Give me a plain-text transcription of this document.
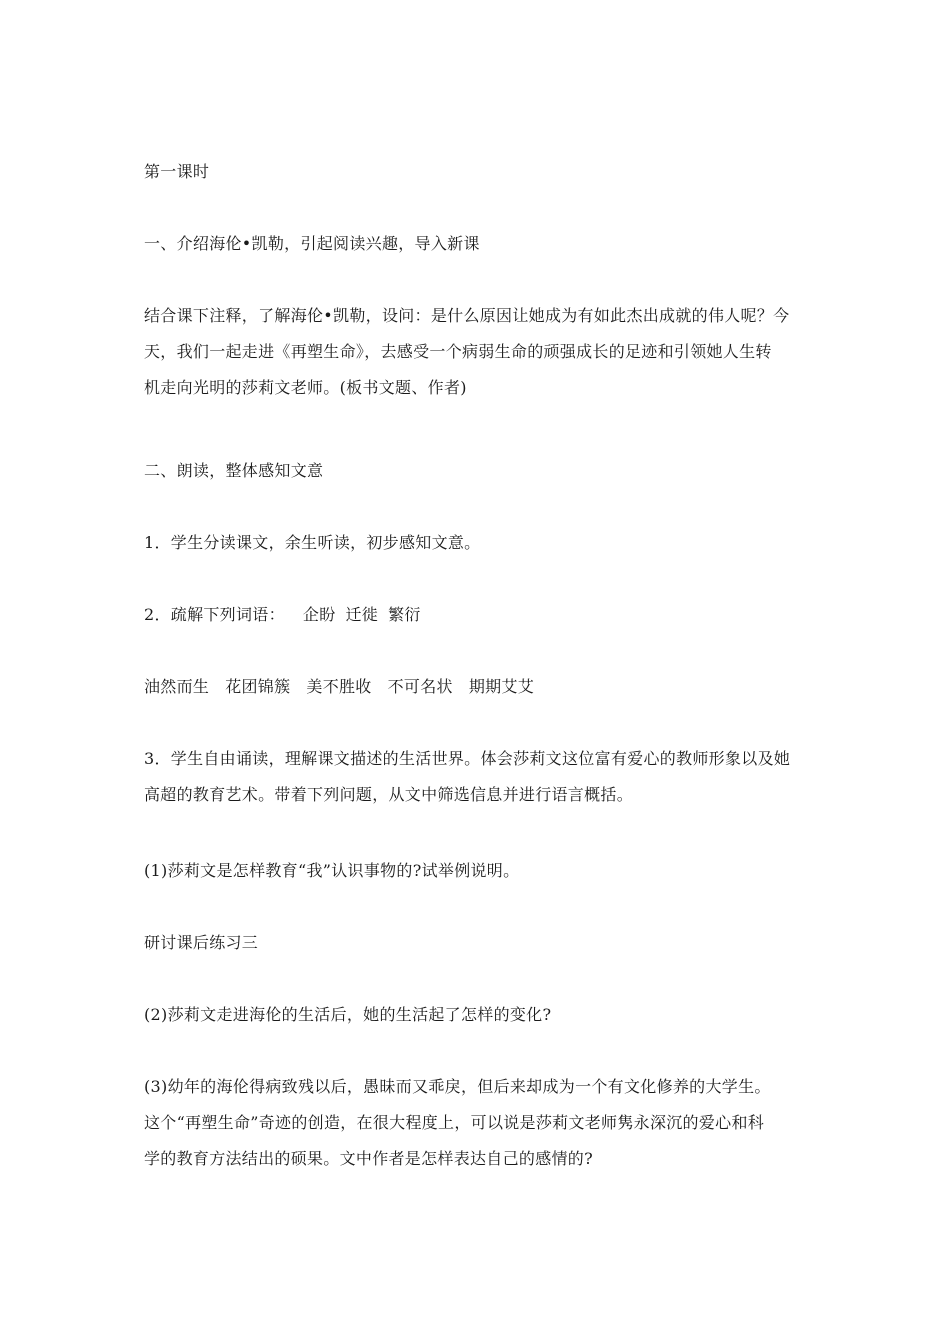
第一课时

一、介绍海伦•凯勒，引起阅读兴趣，导入新课

结合课下注释，了解海伦•凯勒，设问：是什么原因让她成为有如此杰出成就的伟人呢？今
天，我们一起走进《再塑生命》，去感受一个病弱生命的顽强成长的足迹和引领她人生转
机走向光明的莎莉文老师。(板书文题、作者)

二、朗读，整体感知文意

1．学生分读课文，余生听读，初步感知文意。

2．疏解下列词语： 企盼 迁徙 繁衍

油然而生 花团锦簇 美不胜收 不可名状 期期艾艾

3．学生自由诵读，理解课文描述的生活世界。体会莎莉文这位富有爱心的教师形象以及她
高超的教育艺术。带着下列问题，从文中筛选信息并进行语言概括。

(1)莎莉文是怎样教育“我”认识事物的?试举例说明。

研讨课后练习三

(2)莎莉文走进海伦的生活后，她的生活起了怎样的变化?

(3)幼年的海伦得病致残以后，愚昧而又乖戾，但后来却成为一个有文化修养的大学生。
这个“再塑生命”奇迹的创造，在很大程度上，可以说是莎莉文老师隽永深沉的爱心和科
学的教育方法结出的硕果。文中作者是怎样表达自己的感情的?
